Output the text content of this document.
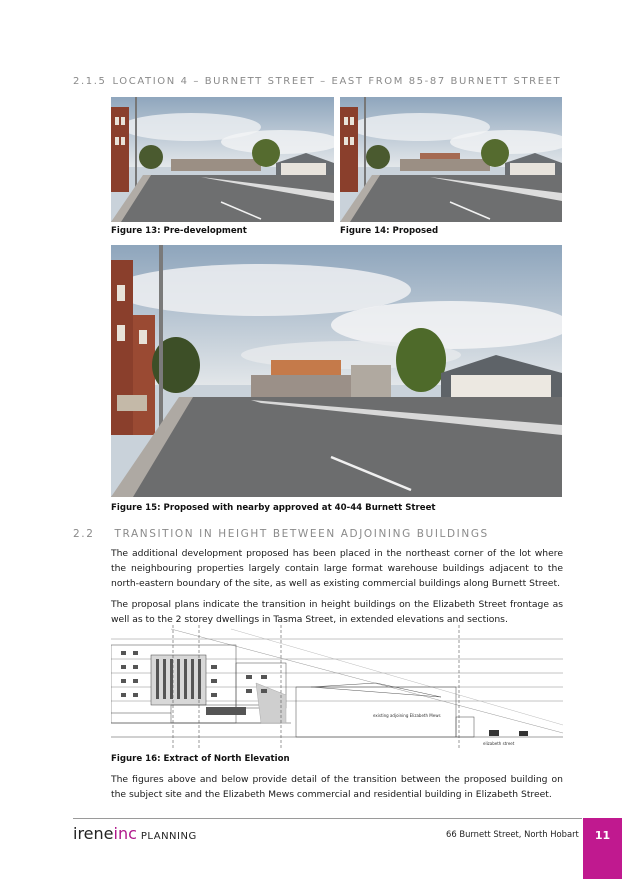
2.1.5 LOCATION 4 – BURNETT STREET – EAST FROM 85-87 BURNETT STREET
Figure 13: Pre-development	Figure 14: Proposed
Figure 15: Proposed with nearby approved at 40-44 Burnett Street
2.2 TRANSITION IN HEIGHT BETWEEN ADJOINING BUILDINGS
The additional development proposed has been placed in the northeast corner of the lot where the neighbouring properties largely contain large format warehouse buildings adjacent to the north-eastern boundary of the site, as well as existing commercial buildings along Burnett Street.
The proposal plans indicate the transition in height buildings on the Elizabeth Street frontage as well as to the 2 storey dwellings in Tasma Street, in extended elevations and sections.
existing adjoining Elizabeth Mews
elizabeth street
Figure 16: Extract of North Elevation
The figures above and below provide detail of the transition between the proposed building on the subject site and the Elizabeth Mews commercial and residential building in Elizabeth Street.
ireneinc PLANNING	66 Burnett Street, North Hobart	11
